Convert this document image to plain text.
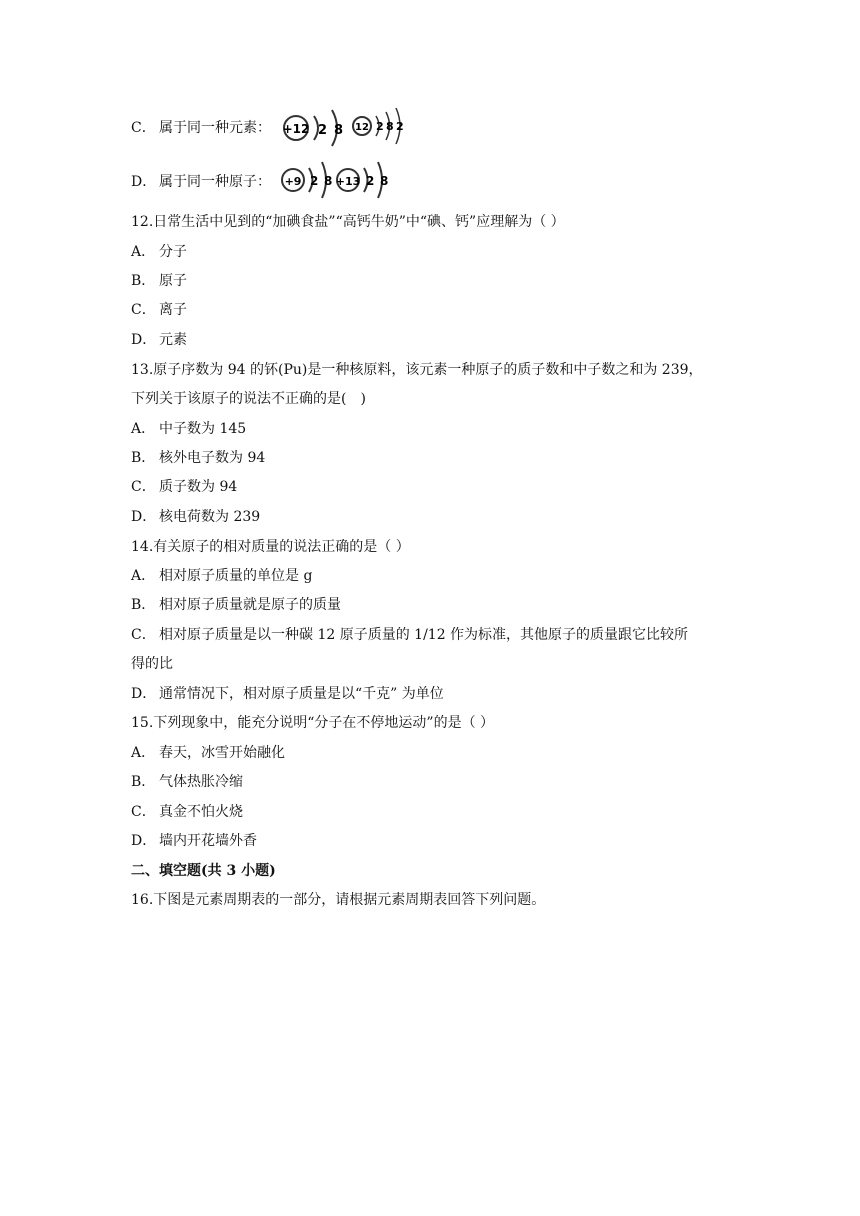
C． 属于同一种元素： +12 2 8 12 2 8 2
D． 属于同一种原子： +9 2 8 +13 2 8
12.日常生活中见到的“加碘食盐”“高钙牛奶”中“碘、钙”应理解为（ ）
A． 分子
B． 原子
C． 离子
D． 元素
13.原子序数为 94 的钚(Pu)是一种核原料，该元素一种原子的质子数和中子数之和为 239，
下列关于该原子的说法不正确的是(　)
A． 中子数为 145
B． 核外电子数为 94
C． 质子数为 94
D． 核电荷数为 239
14.有关原子的相对质量的说法正确的是（ ）
A． 相对原子质量的单位是 g
B． 相对原子质量就是原子的质量
C． 相对原子质量是以一种碳 12 原子质量的 1/12 作为标准，其他原子的质量跟它比较所
得的比
D． 通常情况下，相对原子质量是以“千克” 为单位
15.下列现象中，能充分说明“分子在不停地运动”的是（ ）
A． 春天，冰雪开始融化
B． 气体热胀冷缩
C． 真金不怕火烧
D． 墙内开花墙外香
二、填空题(共 3 小题)
16.下图是元素周期表的一部分，请根据元素周期表回答下列问题。
